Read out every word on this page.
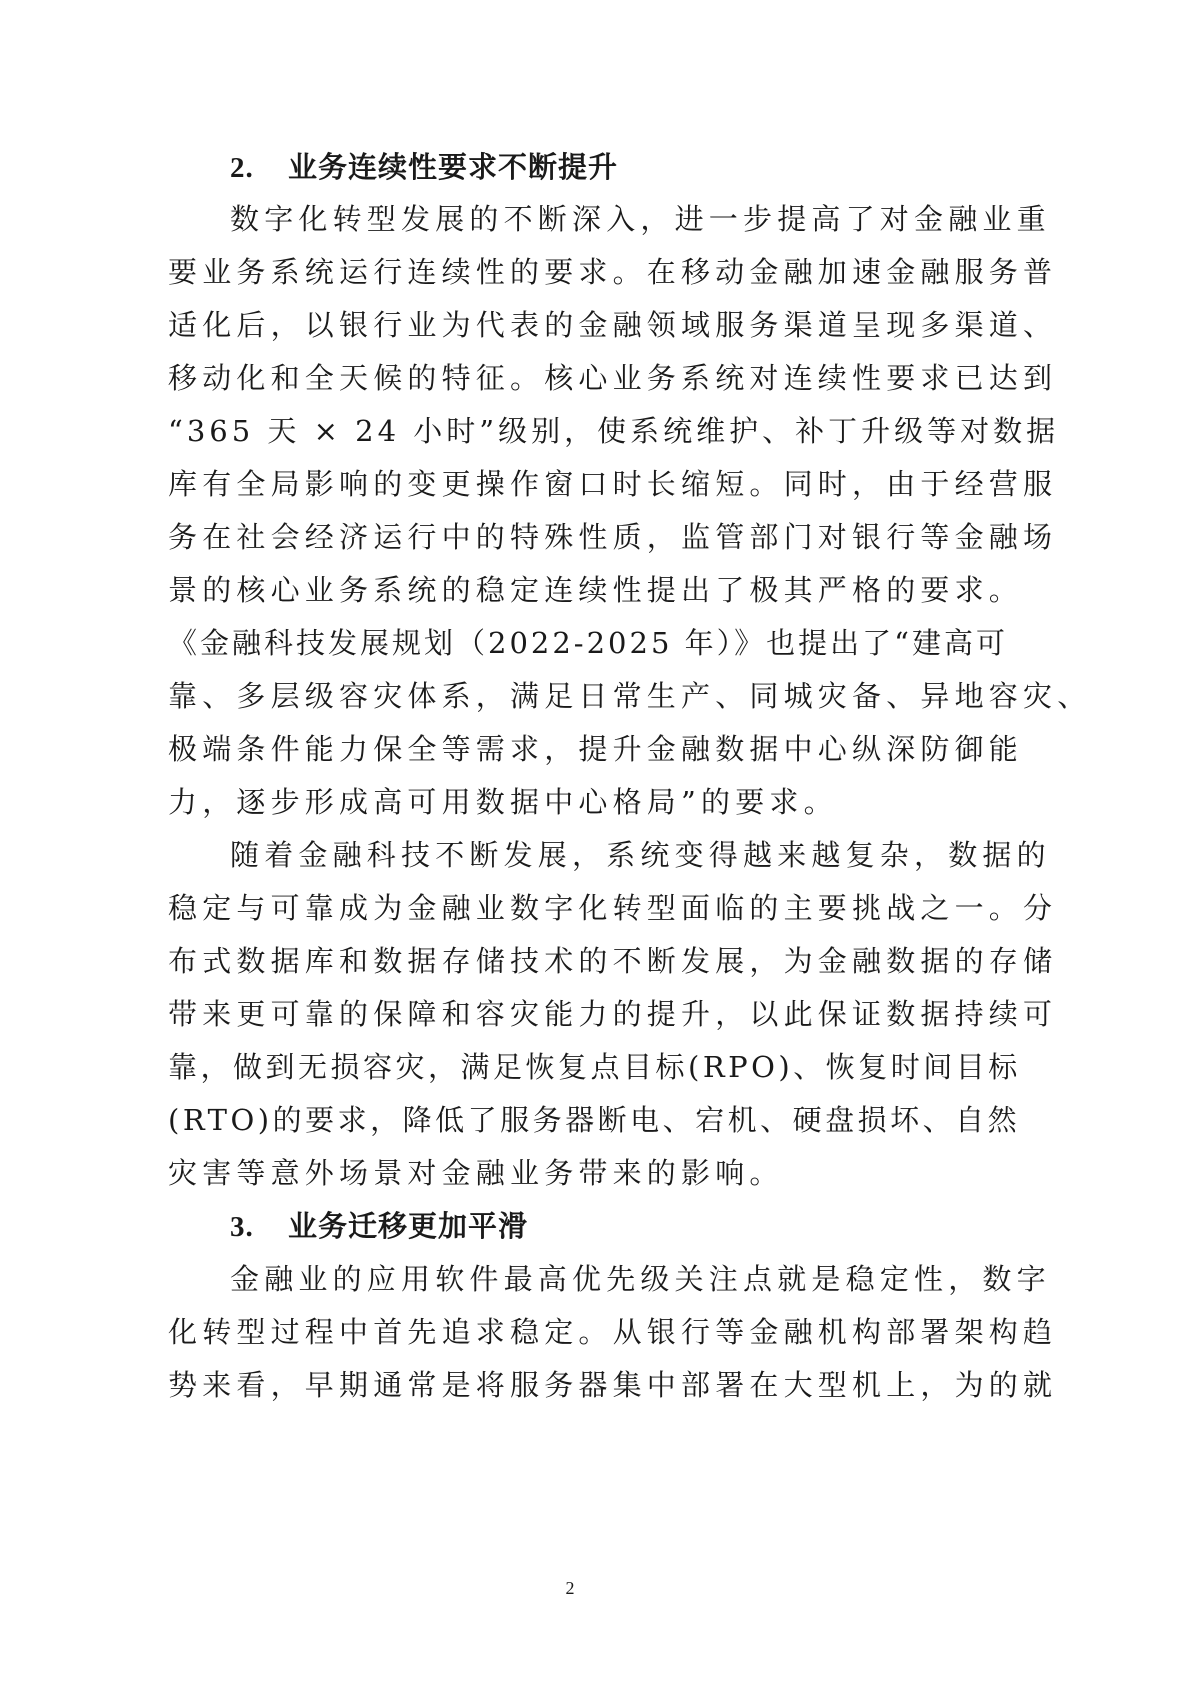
2. 业务连续性要求不断提升
数字化转型发展的不断深入，进一步提高了对金融业重
要业务系统运行连续性的要求。在移动金融加速金融服务普
适化后，以银行业为代表的金融领域服务渠道呈现多渠道、
移动化和全天候的特征。核心业务系统对连续性要求已达到
“365 天 × 24 小时”级别，使系统维护、补丁升级等对数据
库有全局影响的变更操作窗口时长缩短。同时，由于经营服
务在社会经济运行中的特殊性质，监管部门对银行等金融场
景的核心业务系统的稳定连续性提出了极其严格的要求。
《金融科技发展规划（2022-2025 年）》也提出了“建高可
靠、多层级容灾体系，满足日常生产、同城灾备、异地容灾、
极端条件能力保全等需求，提升金融数据中心纵深防御能
力，逐步形成高可用数据中心格局”的要求。
随着金融科技不断发展，系统变得越来越复杂，数据的
稳定与可靠成为金融业数字化转型面临的主要挑战之一。分
布式数据库和数据存储技术的不断发展，为金融数据的存储
带来更可靠的保障和容灾能力的提升，以此保证数据持续可
靠，做到无损容灾，满足恢复点目标(RPO)、恢复时间目标
(RTO)的要求，降低了服务器断电、宕机、硬盘损坏、自然
灾害等意外场景对金融业务带来的影响。
3. 业务迁移更加平滑
金融业的应用软件最高优先级关注点就是稳定性，数字
化转型过程中首先追求稳定。从银行等金融机构部署架构趋
势来看，早期通常是将服务器集中部署在大型机上，为的就
2
